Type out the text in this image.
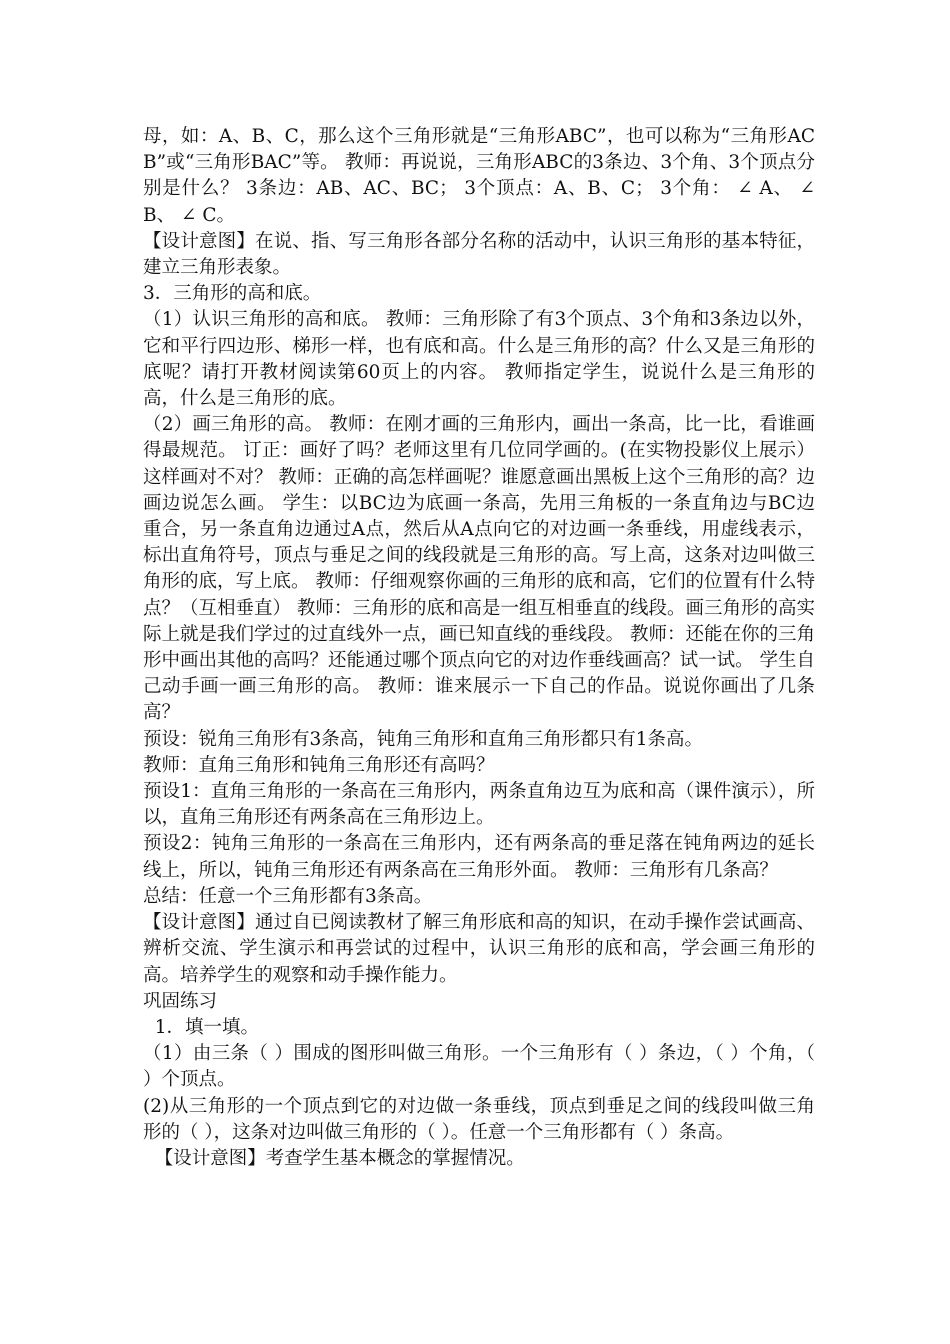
母，如：A、B、C，那么这个三角形就是“三角形ABC”，也可以称为“三角形ACB”或“三角形BAC”等。 教师：再说说，三角形ABC的3条边、3个角、3个顶点分别是什么？ 3条边：AB、AC、BC； 3个顶点：A、B、C； 3个角： ∠ A、 ∠ B、 ∠ C。

【设计意图】在说、指、写三角形各部分名称的活动中，认识三角形的基本特征，建立三角形表象。

3．三角形的高和底。

（1）认识三角形的高和底。 教师：三角形除了有3个顶点、3个角和3条边以外，它和平行四边形、梯形一样，也有底和高。什么是三角形的高？什么又是三角形的底呢？请打开教材阅读第60页上的内容。 教师指定学生，说说什么是三角形的高，什么是三角形的底。

（2）画三角形的高。 教师：在刚才画的三角形内，画出一条高，比一比，看谁画得最规范。 订正：画好了吗？老师这里有几位同学画的。(在实物投影仪上展示）这样画对不对？ 教师：正确的高怎样画呢？谁愿意画出黑板上这个三角形的高？边画边说怎么画。 学生：以BC边为底画一条高，先用三角板的一条直角边与BC边重合，另一条直角边通过A点，然后从A点向它的对边画一条垂线，用虚线表示，标出直角符号，顶点与垂足之间的线段就是三角形的高。写上高，这条对边叫做三角形的底，写上底。 教师：仔细观察你画的三角形的底和高，它们的位置有什么特点？（互相垂直） 教师：三角形的底和高是一组互相垂直的线段。画三角形的高实际上就是我们学过的过直线外一点，画已知直线的垂线段。 教师：还能在你的三角形中画出其他的高吗？还能通过哪个顶点向它的对边作垂线画高？试一试。 学生自己动手画一画三角形的高。 教师：谁来展示一下自己的作品。说说你画出了几条高？

预设：锐角三角形有3条高，钝角三角形和直角三角形都只有1条高。

教师：直角三角形和钝角三角形还有高吗？

预设1：直角三角形的一条高在三角形内，两条直角边互为底和高（课件演示），所以，直角三角形还有两条高在三角形边上。

预设2：钝角三角形的一条高在三角形内，还有两条高的垂足落在钝角两边的延长线上，所以，钝角三角形还有两条高在三角形外面。 教师：三角形有几条高？

总结：任意一个三角形都有3条高。

【设计意图】通过自已阅读教材了解三角形底和高的知识，在动手操作尝试画高、辨析交流、学生演示和再尝试的过程中，认识三角形的底和高，学会画三角形的高。培养学生的观察和动手操作能力。

巩固练习

1．填一填。

（1）由三条（ ）围成的图形叫做三角形。一个三角形有（ ）条边，（ ）个角，（ ）个顶点。

(2)从三角形的一个顶点到它的对边做一条垂线，顶点到垂足之间的线段叫做三角形的（ ），这条对边叫做三角形的（ ）。任意一个三角形都有（ ）条高。

【设计意图】考查学生基本概念的掌握情况。
